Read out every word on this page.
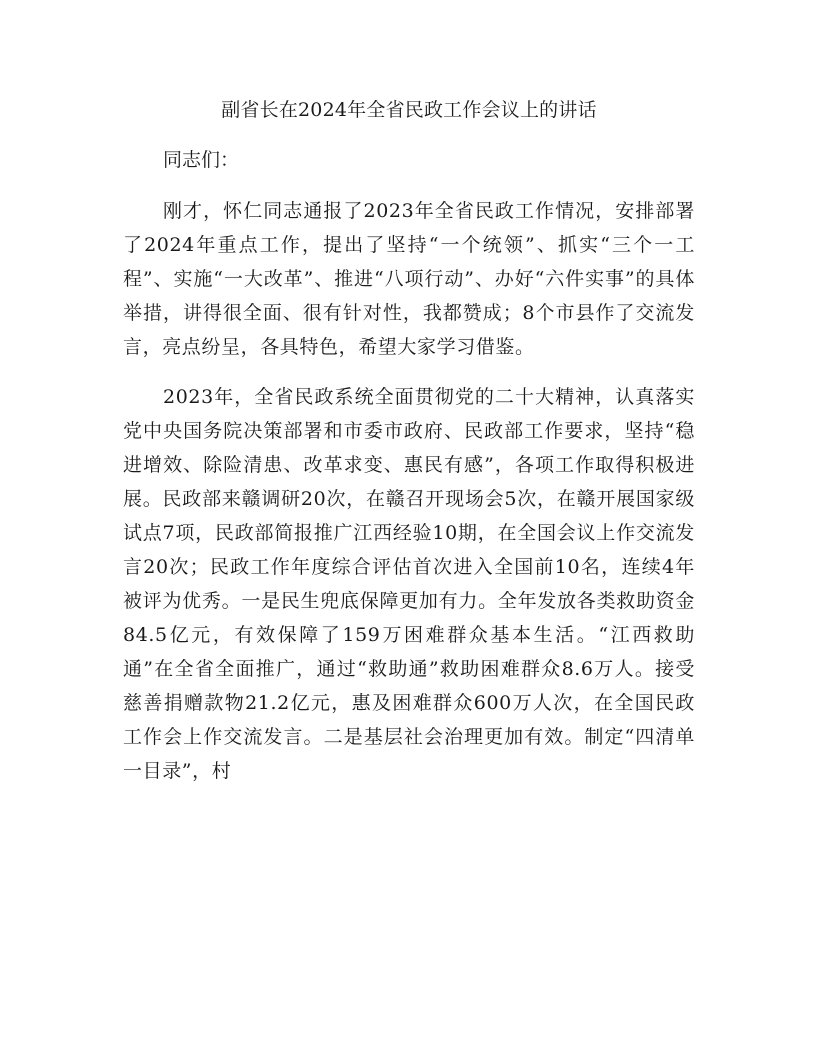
副省长在2024年全省民政工作会议上的讲话

同志们：

刚才，怀仁同志通报了2023年全省民政工作情况，安排部署了2024年重点工作，提出了坚持“一个统领”、抓实“三个一工程”、实施“一大改革”、推进“八项行动”、办好“六件实事”的具体举措，讲得很全面、很有针对性，我都赞成；8个市县作了交流发言，亮点纷呈，各具特色，希望大家学习借鉴。

2023年，全省民政系统全面贯彻党的二十大精神，认真落实党中央国务院决策部署和市委市政府、民政部工作要求，坚持“稳进增效、除险清患、改革求变、惠民有感”，各项工作取得积极进展。民政部来赣调研20次，在赣召开现场会5次，在赣开展国家级试点7项，民政部简报推广江西经验10期，在全国会议上作交流发言20次；民政工作年度综合评估首次进入全国前10名，连续4年被评为优秀。一是民生兜底保障更加有力。全年发放各类救助资金84.5亿元，有效保障了159万困难群众基本生活。“江西救助通”在全省全面推广，通过“救助通”救助困难群众8.6万人。接受慈善捐赠款物21.2亿元，惠及困难群众600万人次，在全国民政工作会上作交流发言。二是基层社会治理更加有效。制定“四清单一目录”，村
